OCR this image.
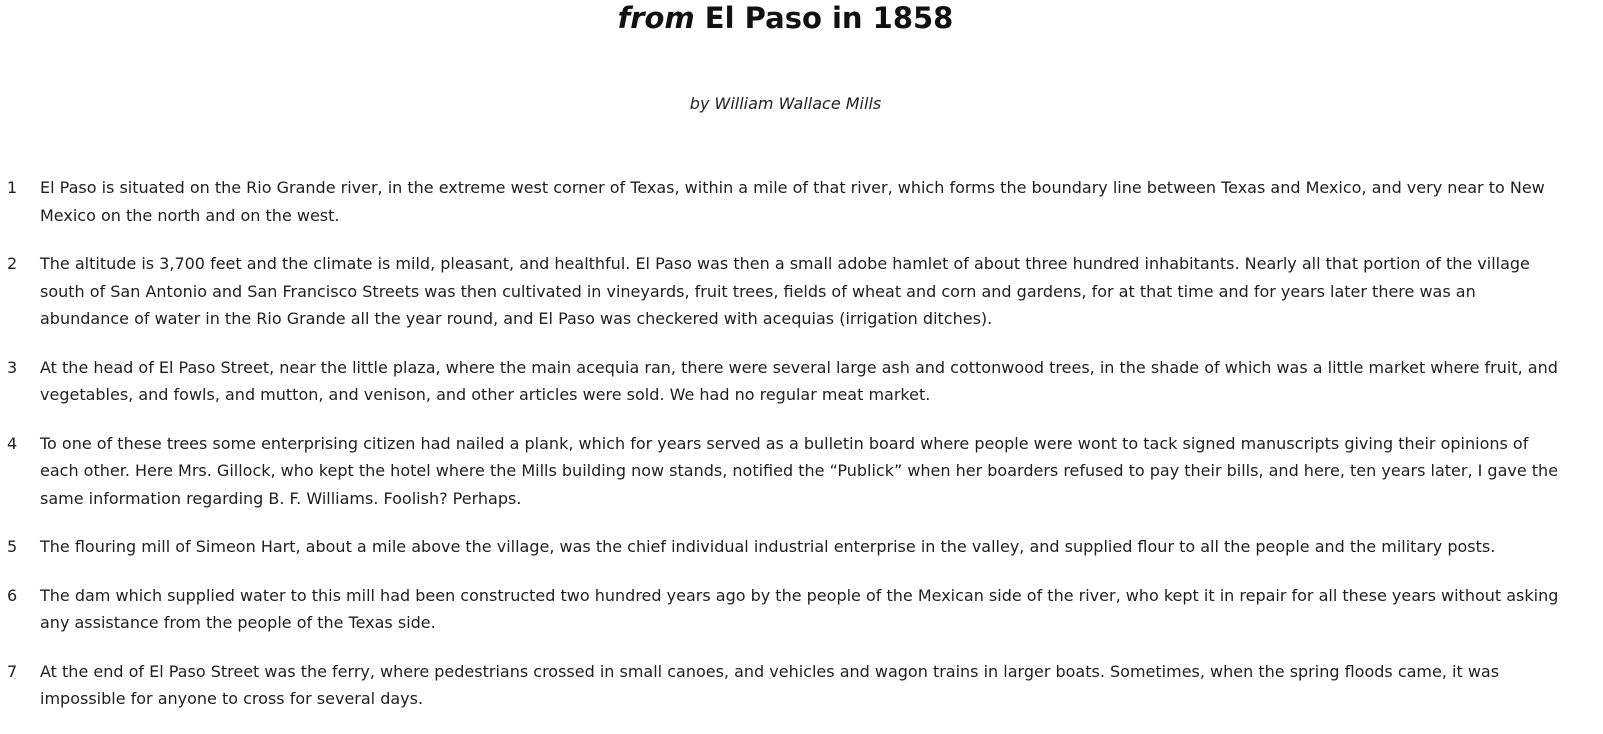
from El Paso in 1858
by William Wallace Mills
1	El Paso is situated on the Rio Grande river, in the extreme west corner of Texas, within a mile of that river, which forms the boundary line between Texas and Mexico, and very near to New Mexico on the north and on the west.
2	The altitude is 3,700 feet and the climate is mild, pleasant, and healthful. El Paso was then a small adobe hamlet of about three hundred inhabitants. Nearly all that portion of the village south of San Antonio and San Francisco Streets was then cultivated in vineyards, fruit trees, fields of wheat and corn and gardens, for at that time and for years later there was an abundance of water in the Rio Grande all the year round, and El Paso was checkered with acequias (irrigation ditches).
3	At the head of El Paso Street, near the little plaza, where the main acequia ran, there were several large ash and cottonwood trees, in the shade of which was a little market where fruit, and vegetables, and fowls, and mutton, and venison, and other articles were sold. We had no regular meat market.
4	To one of these trees some enterprising citizen had nailed a plank, which for years served as a bulletin board where people were wont to tack signed manuscripts giving their opinions of each other. Here Mrs. Gillock, who kept the hotel where the Mills building now stands, notified the “Publick” when her boarders refused to pay their bills, and here, ten years later, I gave the same information regarding B. F. Williams. Foolish? Perhaps.
5	The flouring mill of Simeon Hart, about a mile above the village, was the chief individual industrial enterprise in the valley, and supplied flour to all the people and the military posts.
6	The dam which supplied water to this mill had been constructed two hundred years ago by the people of the Mexican side of the river, who kept it in repair for all these years without asking any assistance from the people of the Texas side.
7	At the end of El Paso Street was the ferry, where pedestrians crossed in small canoes, and vehicles and wagon trains in larger boats. Sometimes, when the spring floods came, it was impossible for anyone to cross for several days.
